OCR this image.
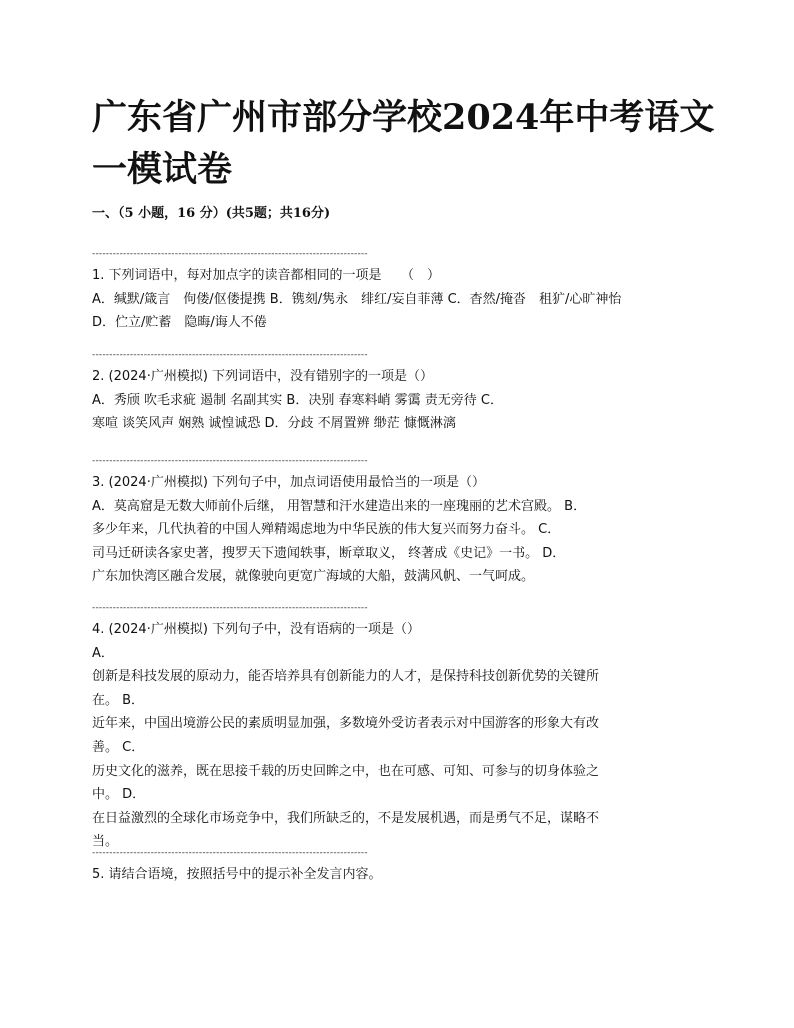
广东省广州市部分学校2024年中考语文一模试卷
一、（5 小题，16 分）(共5题；共16分)
--------------------------------------------------------------------------------

1. 下列词语中，每对加点字的读音都相同的一项是　　（　）

A．缄默/箴言　佝偻/伛偻提携 B．镌刻/隽永　绯红/妄自菲薄 C．杳然/掩沓　租犷/心旷神怡

D．伫立/贮蓄　隐晦/诲人不倦

--------------------------------------------------------------------------------

2. (2024·广州模拟) 下列词语中，没有错别字的一项是（）

A．秀颀 吹毛求疵 遏制 名副其实 B．决别 春寒料峭 雾霭 责无旁待 C．

寒喧 谈笑风声 娴熟 诚惶诚恐 D．分歧 不屑置辨 缈茫 慷慨淋漓

--------------------------------------------------------------------------------

3. (2024·广州模拟) 下列句子中，加点词语使用最恰当的一项是（）

A．莫高窟是无数大师前仆后继， 用智慧和汗水建造出来的一座瑰丽的艺术宫殿。 B．

多少年来，几代执着的中国人殚精竭虑地为中华民族的伟大复兴而努力奋斗。 C．

司马迁研读各家史著，搜罗天下遗闻轶事，断章取义， 终著成《史记》一书。 D．

广东加快湾区融合发展，就像驶向更宽广海域的大船，鼓满风帆、一气呵成。

--------------------------------------------------------------------------------

4. (2024·广州模拟) 下列句子中，没有语病的一项是（）

A．

创新是科技发展的原动力，能否培养具有创新能力的人才，是保持科技创新优势的关键所

在。 B．

近年来，中国出境游公民的素质明显加强，多数境外受访者表示对中国游客的形象大有改

善。 C．

历史文化的滋养，既在思接千载的历史回眸之中，也在可感、可知、可参与的切身体验之

中。 D．

在日益激烈的全球化市场竞争中，我们所缺乏的，不是发展机遇，而是勇气不足，谋略不

当。

--------------------------------------------------------------------------------

5. 请结合语境，按照括号中的提示补全发言内容。
